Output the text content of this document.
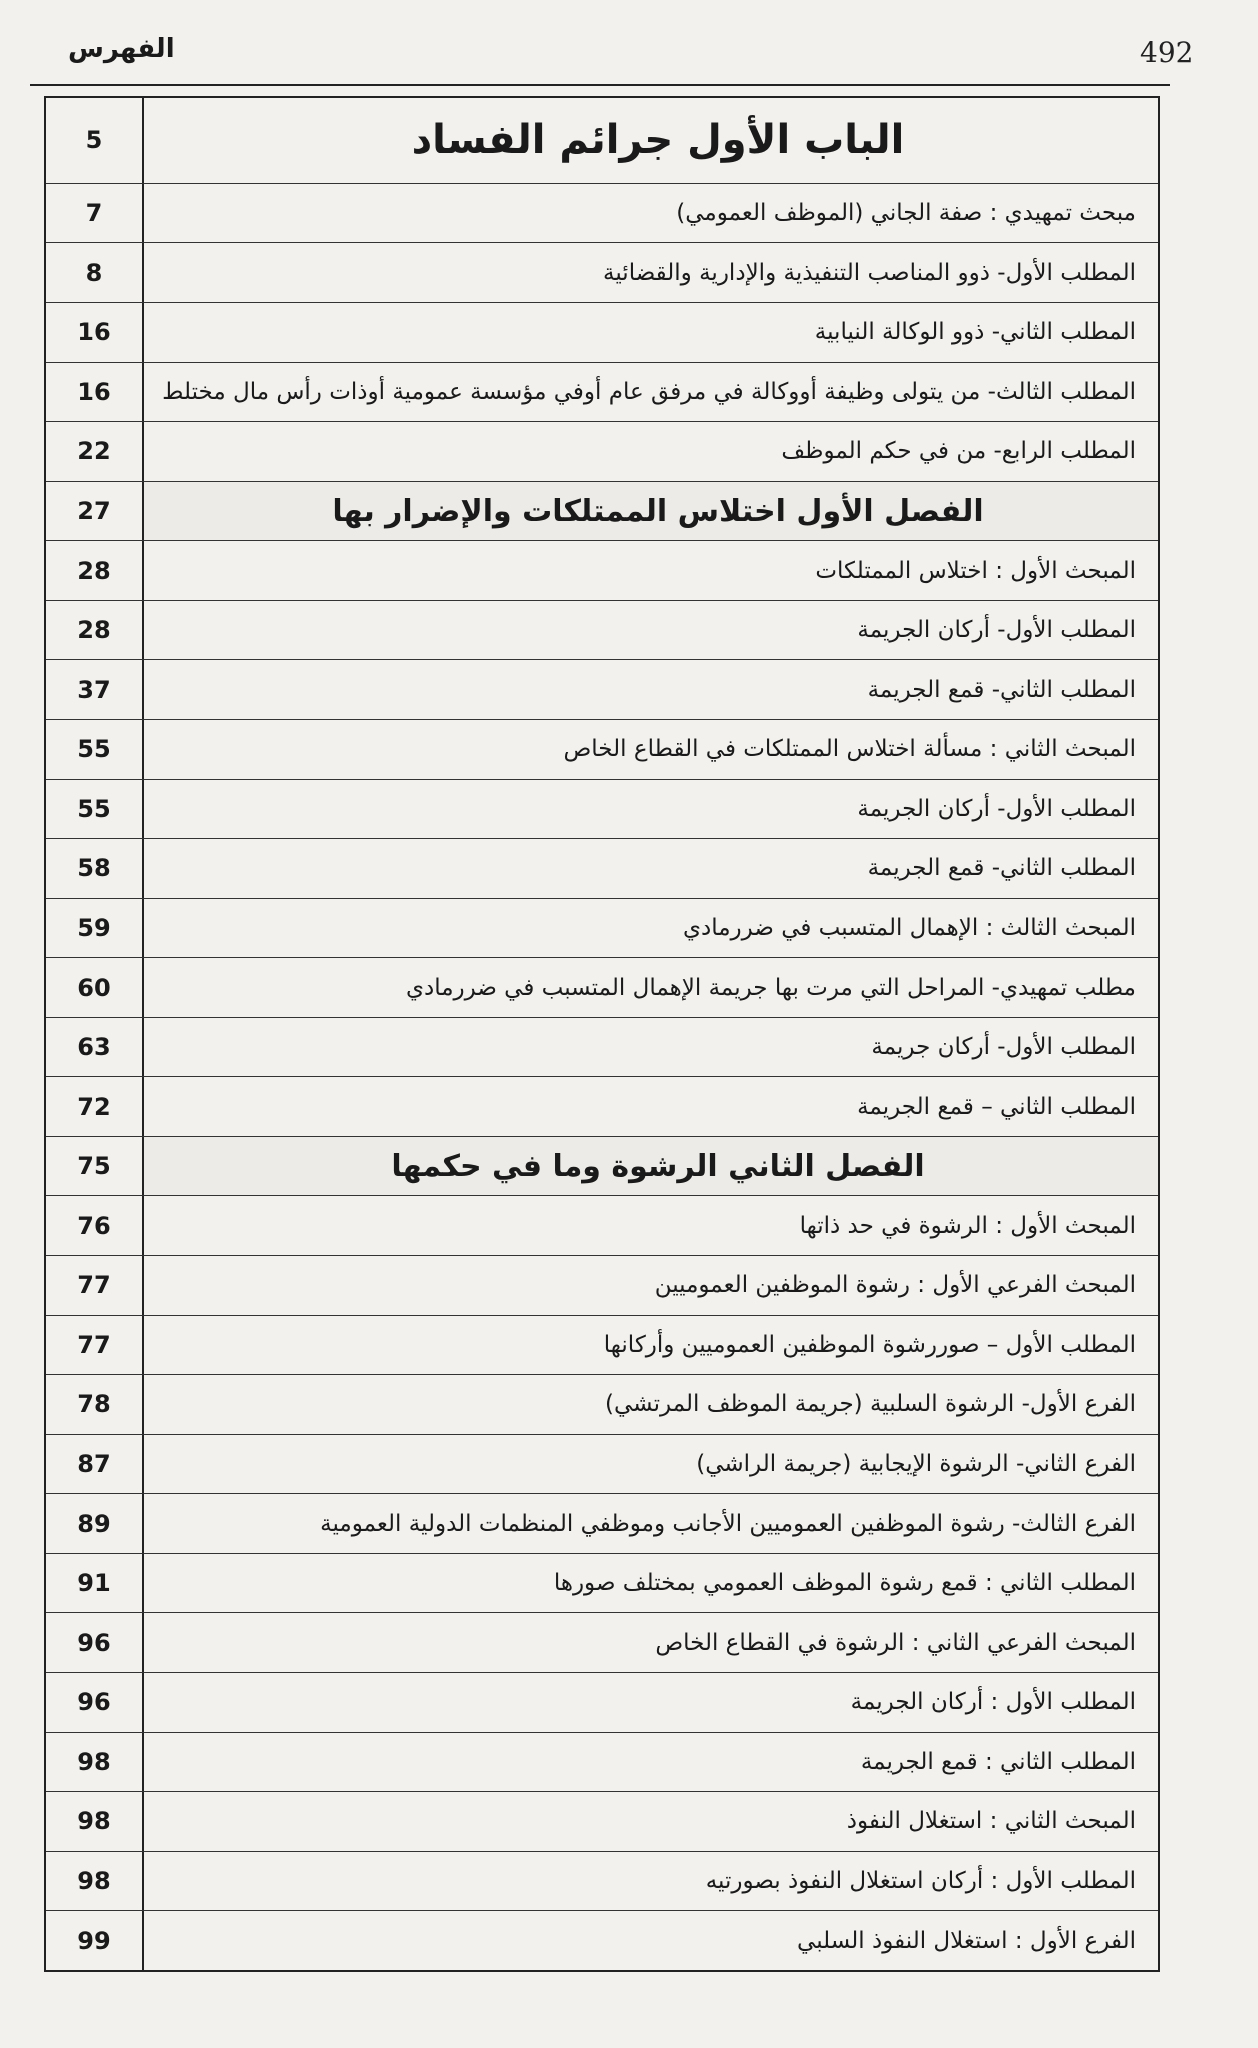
492
الفهرس
5	الباب الأول جرائم الفساد
7	مبحث تمهيدي : صفة الجاني (الموظف العمومي)
8	المطلب الأول- ذوو المناصب التنفيذية والإدارية والقضائية
16	المطلب الثاني- ذوو الوكالة النيابية
16	المطلب الثالث- من يتولى وظيفة أووكالة في مرفق عام أوفي مؤسسة عمومية أوذات رأس مال مختلط
22	المطلب الرابع- من في حكم الموظف
27	الفصل الأول اختلاس الممتلكات والإضرار بها
28	المبحث الأول : اختلاس الممتلكات
28	المطلب الأول- أركان الجريمة
37	المطلب الثاني- قمع الجريمة
55	المبحث الثاني : مسألة اختلاس الممتلكات في القطاع الخاص
55	المطلب الأول- أركان الجريمة
58	المطلب الثاني- قمع الجريمة
59	المبحث الثالث : الإهمال المتسبب في ضررمادي
60	مطلب تمهيدي- المراحل التي مرت بها جريمة الإهمال المتسبب في ضررمادي
63	المطلب الأول- أركان جريمة
72	المطلب الثاني – قمع الجريمة
75	الفصل الثاني الرشوة وما في حكمها
76	المبحث الأول : الرشوة في حد ذاتها
77	المبحث الفرعي الأول : رشوة الموظفين العموميين
77	المطلب الأول – صوررشوة الموظفين العموميين وأركانها
78	الفرع الأول- الرشوة السلبية (جريمة الموظف المرتشي)
87	الفرع الثاني- الرشوة الإيجابية (جريمة الراشي)
89	الفرع الثالث- رشوة الموظفين العموميين الأجانب وموظفي المنظمات الدولية العمومية
91	المطلب الثاني : قمع رشوة الموظف العمومي بمختلف صورها
96	المبحث الفرعي الثاني : الرشوة في القطاع الخاص
96	المطلب الأول : أركان الجريمة
98	المطلب الثاني : قمع الجريمة
98	المبحث الثاني : استغلال النفوذ
98	المطلب الأول : أركان استغلال النفوذ بصورتيه
99	الفرع الأول : استغلال النفوذ السلبي
